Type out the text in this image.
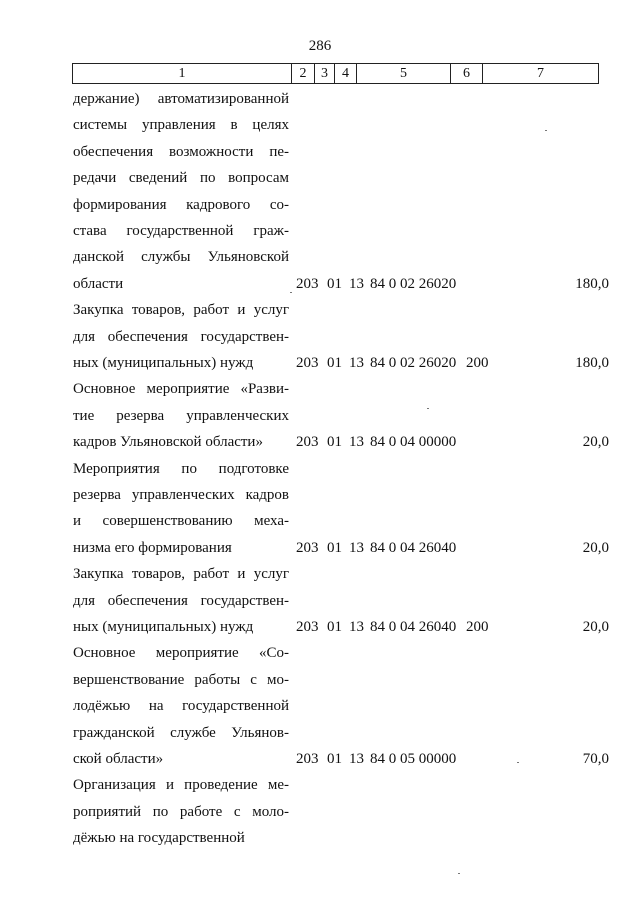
286
1	2	3	4	5	6	7
держание) автоматизированной
системы управления в целях
обеспечения возможности пе-
редачи сведений по вопросам
формирования кадрового со-
става государственной граж-
данской службы Ульяновской
области	203 01 13 84 0 02 26020	180,0
Закупка товаров, работ и услуг
для обеспечения государствен-
ных (муниципальных) нужд	203 01 13 84 0 02 26020 200	180,0
Основное мероприятие «Разви-
тие резерва управленческих
кадров Ульяновской области»	203 01 13 84 0 04 00000	20,0
Мероприятия по подготовке
резерва управленческих кадров
и совершенствованию меха-
низма его формирования	203 01 13 84 0 04 26040	20,0
Закупка товаров, работ и услуг
для обеспечения государствен-
ных (муниципальных) нужд	203 01 13 84 0 04 26040 200	20,0
Основное мероприятие «Со-
вершенствование работы с мо-
лодёжью на государственной
гражданской службе Ульянов-
ской области»	203 01 13 84 0 05 00000	70,0
Организация и проведение ме-
роприятий по работе с моло-
дёжью на государственной
